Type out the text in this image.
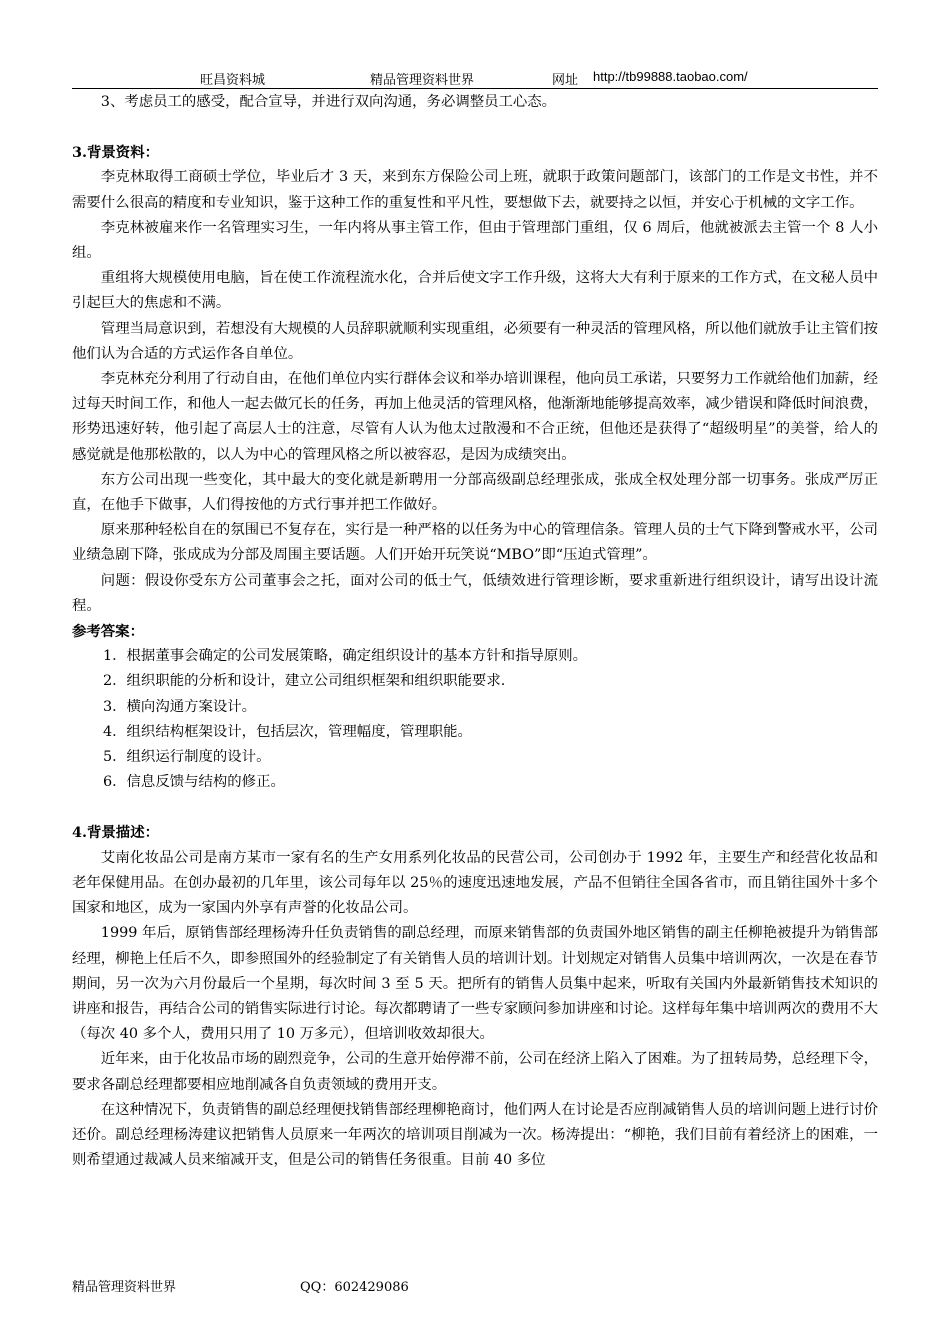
旺昌资料城	精品管理资料世界	网址 http://tb99888.taobao.com/

3、考虑员工的感受，配合宣导，并进行双向沟通，务必调整员工心态。

3.背景资料：

李克林取得工商硕士学位，毕业后才 3 天，来到东方保险公司上班，就职于政策问题部门，该部门的工作是文书性，并不需要什么很高的精度和专业知识，鉴于这种工作的重复性和平凡性，要想做下去，就要持之以恒，并安心于机械的文字工作。

李克林被雇来作一名管理实习生，一年内将从事主管工作，但由于管理部门重组，仅 6 周后，他就被派去主管一个 8 人小组。

重组将大规模使用电脑，旨在使工作流程流水化，合并后使文字工作升级，这将大大有利于原来的工作方式，在文秘人员中引起巨大的焦虑和不满。

管理当局意识到，若想没有大规模的人员辞职就顺利实现重组，必须要有一种灵活的管理风格，所以他们就放手让主管们按他们认为合适的方式运作各自单位。

李克林充分利用了行动自由，在他们单位内实行群体会议和举办培训课程，他向员工承诺，只要努力工作就给他们加薪，经过每天时间工作，和他人一起去做冗长的任务，再加上他灵活的管理风格，他渐渐地能够提高效率，减少错误和降低时间浪费，形势迅速好转，他引起了高层人士的注意，尽管有人认为他太过散漫和不合正统，但他还是获得了“超级明星”的美誉，给人的感觉就是他那松散的，以人为中心的管理风格之所以被容忍，是因为成绩突出。

东方公司出现一些变化，其中最大的变化就是新聘用一分部高级副总经理张成，张成全权处理分部一切事务。张成严厉正直，在他手下做事，人们得按他的方式行事并把工作做好。

原来那种轻松自在的氛围已不复存在，实行是一种严格的以任务为中心的管理信条。管理人员的士气下降到警戒水平，公司业绩急剧下降，张成成为分部及周围主要话题。人们开始开玩笑说“MBO”即“压迫式管理”。

问题：假设你受东方公司董事会之托，面对公司的低士气，低绩效进行管理诊断，要求重新进行组织设计，请写出设计流程。

参考答案：

1．根据董事会确定的公司发展策略，确定组织设计的基本方针和指导原则。

2．组织职能的分析和设计，建立公司组织框架和组织职能要求.

3．横向沟通方案设计。

4．组织结构框架设计，包括层次，管理幅度，管理职能。

5．组织运行制度的设计。

6．信息反馈与结构的修正。

4.背景描述：

艾南化妆品公司是南方某市一家有名的生产女用系列化妆品的民营公司，公司创办于 1992 年，主要生产和经营化妆品和老年保健用品。在创办最初的几年里，该公司每年以 25％的速度迅速地发展，产品不但销往全国各省市，而且销往国外十多个国家和地区，成为一家国内外享有声誉的化妆品公司。

1999 年后，原销售部经理杨涛升任负责销售的副总经理，而原来销售部的负责国外地区销售的副主任柳艳被提升为销售部经理，柳艳上任后不久，即参照国外的经验制定了有关销售人员的培训计划。计划规定对销售人员集中培训两次，一次是在春节期间，另一次为六月份最后一个星期，每次时间 3 至 5 天。把所有的销售人员集中起来，听取有关国内外最新销售技术知识的讲座和报告，再结合公司的销售实际进行讨论。每次都聘请了一些专家顾问参加讲座和讨论。这样每年集中培训两次的费用不大（每次 40 多个人，费用只用了 10 万多元），但培训收效却很大。

近年来，由于化妆品市场的剧烈竞争，公司的生意开始停滞不前，公司在经济上陷入了困难。为了扭转局势，总经理下令，要求各副总经理都要相应地削减各自负责领域的费用开支。

在这种情况下，负责销售的副总经理便找销售部经理柳艳商讨，他们两人在讨论是否应削减销售人员的培训问题上进行讨价还价。副总经理杨涛建议把销售人员原来一年两次的培训项目削减为一次。杨涛提出：“柳艳，我们目前有着经济上的困难，一则希望通过裁减人员来缩减开支，但是公司的销售任务很重。目前 40 多位

精品管理资料世界	QQ：602429086
